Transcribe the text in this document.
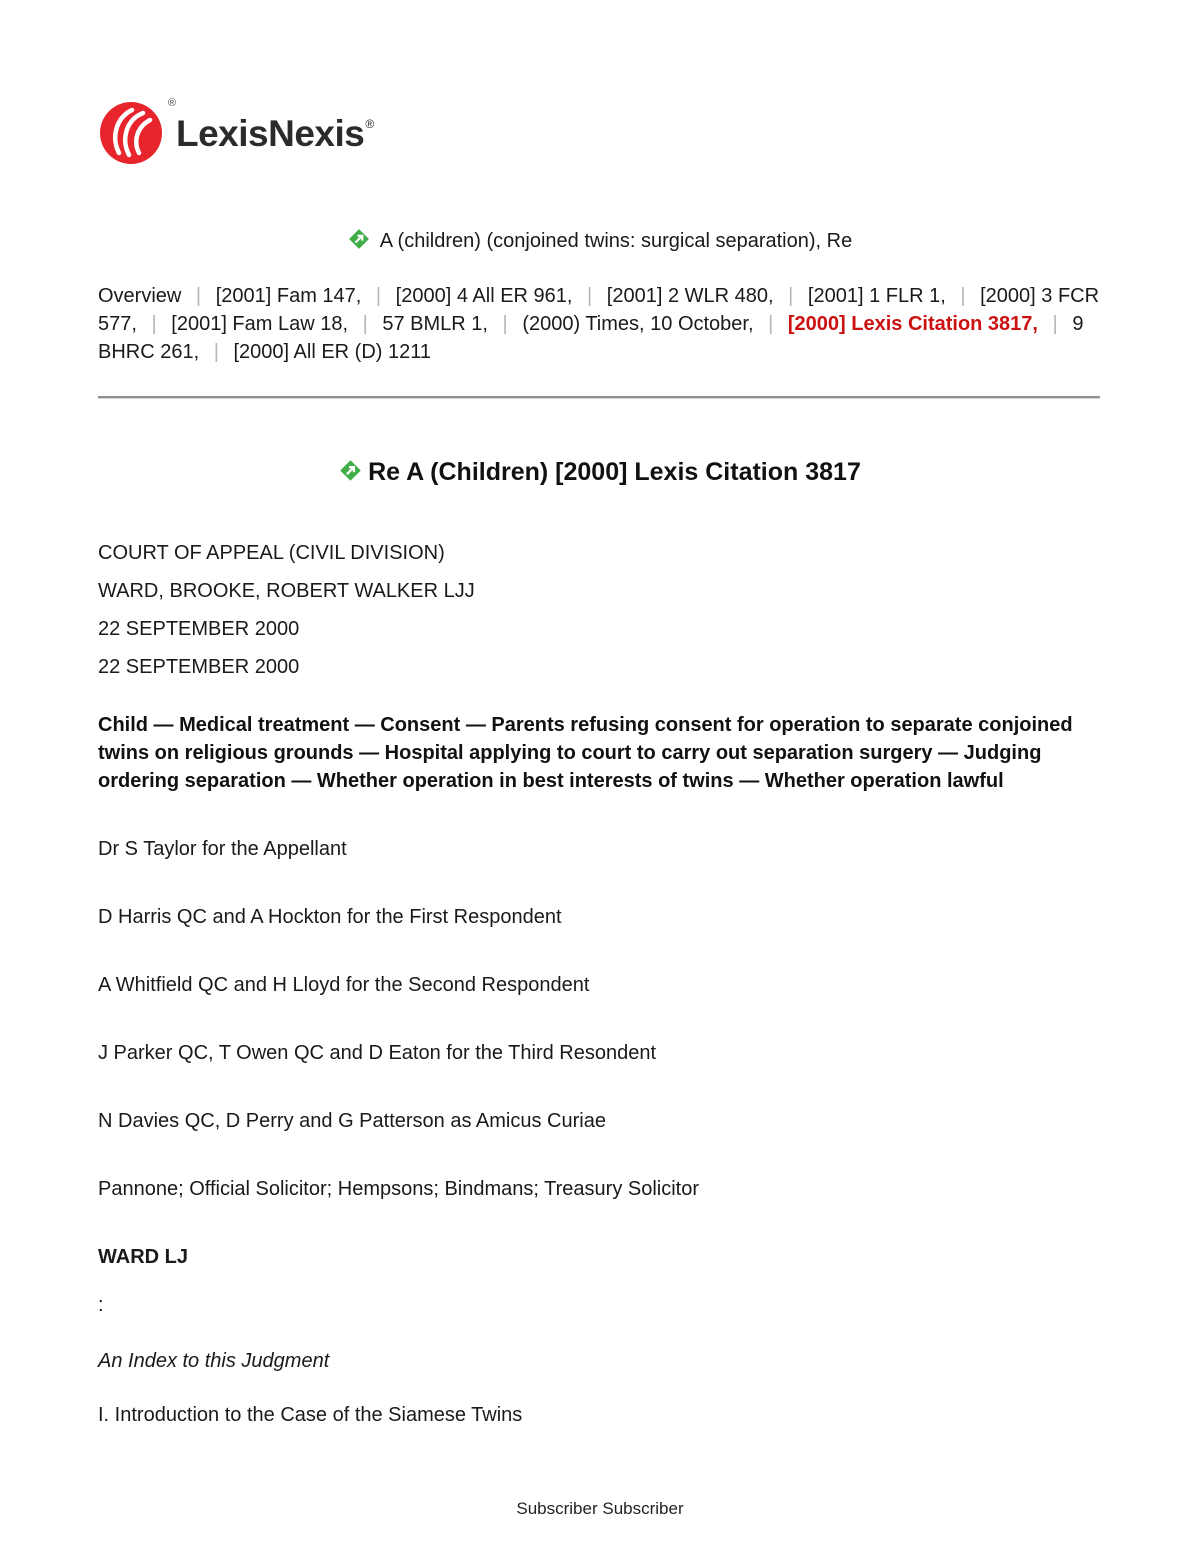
®
LexisNexis®
A (children) (conjoined twins: surgical separation), Re
Overview | [2001] Fam 147, | [2000] 4 All ER 961, | [2001] 2 WLR 480, | [2001] 1 FLR 1, | [2000] 3 FCR 577, | [2001] Fam Law 18, | 57 BMLR 1, | (2000) Times, 10 October, | [2000] Lexis Citation 3817, | 9 BHRC 261, | [2000] All ER (D) 1211
Re A (Children) [2000] Lexis Citation 3817

COURT OF APPEAL (CIVIL DIVISION)

WARD, BROOKE, ROBERT WALKER LJJ

22 SEPTEMBER 2000

22 SEPTEMBER 2000

Child — Medical treatment — Consent — Parents refusing consent for operation to separate conjoined twins on religious grounds — Hospital applying to court to carry out separation surgery — Judging ordering separation — Whether operation in best interests of twins — Whether operation lawful

Dr S Taylor for the Appellant

D Harris QC and A Hockton for the First Respondent

A Whitfield QC and H Lloyd for the Second Respondent

J Parker QC, T Owen QC and D Eaton for the Third Resondent

N Davies QC, D Perry and G Patterson as Amicus Curiae

Pannone; Official Solicitor; Hempsons; Bindmans; Treasury Solicitor

WARD LJ

:

An Index to this Judgment

I. Introduction to the Case of the Siamese Twins

Subscriber Subscriber
